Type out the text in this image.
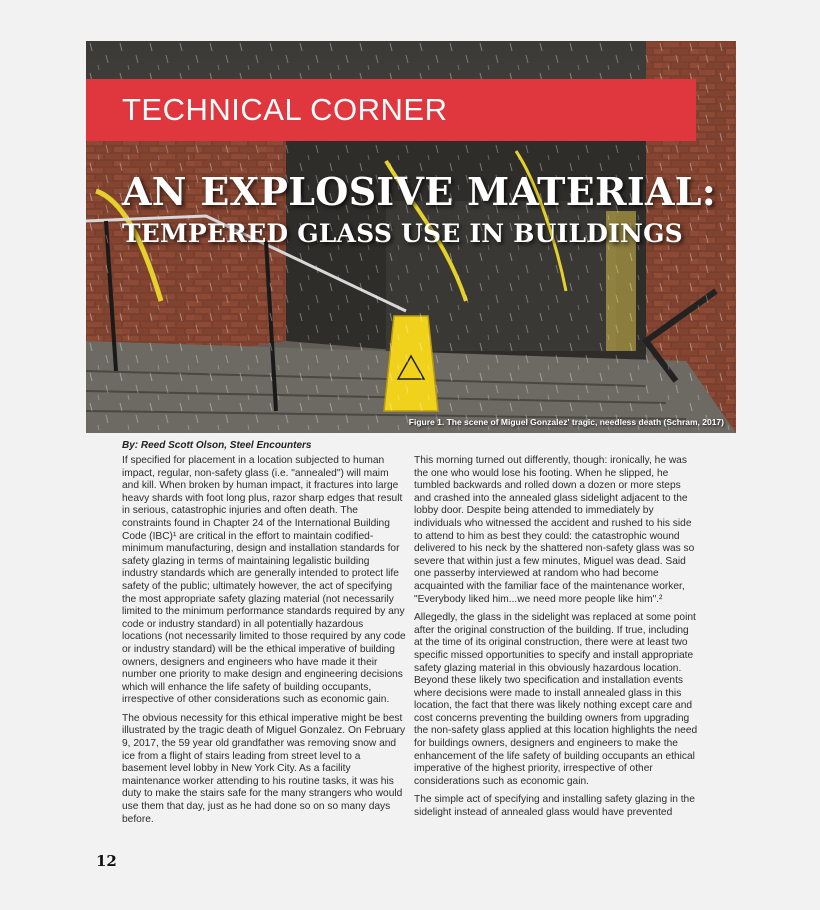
TECHNICAL CORNER
AN EXPLOSIVE MATERIAL:
TEMPERED GLASS USE IN BUILDINGS
Figure 1. The scene of Miguel Gonzalez' tragic, needless death (Schram, 2017)
By: Reed Scott Olson, Steel Encounters

If specified for placement in a location subjected to human impact, regular, non-safety glass (i.e. "annealed") will maim and kill. When broken by human impact, it fractures into large heavy shards with foot long plus, razor sharp edges that result in serious, catastrophic injuries and often death. The constraints found in Chapter 24 of the International Building Code (IBC)¹ are critical in the effort to maintain codified-minimum manufacturing, design and installation standards for safety glazing in terms of maintaining legalistic building industry standards which are generally intended to protect life safety of the public; ultimately however, the act of specifying the most appropriate safety glazing material (not necessarily limited to the minimum performance standards required by any code or industry standard) in all potentially hazardous locations (not necessarily limited to those required by any code or industry standard) will be the ethical imperative of building owners, designers and engineers who have made it their number one priority to make design and engineering decisions which will enhance the life safety of building occupants, irrespective of other considerations such as economic gain.

The obvious necessity for this ethical imperative might be best illustrated by the tragic death of Miguel Gonzalez. On February 9, 2017, the 59 year old grandfather was removing snow and ice from a flight of stairs leading from street level to a basement level lobby in New York City. As a facility maintenance worker attending to his routine tasks, it was his duty to make the stairs safe for the many strangers who would use them that day, just as he had done so on so many days before.

This morning turned out differently, though: ironically, he was the one who would lose his footing. When he slipped, he tumbled backwards and rolled down a dozen or more steps and crashed into the annealed glass sidelight adjacent to the lobby door. Despite being attended to immediately by individuals who witnessed the accident and rushed to his side to attend to him as best they could: the catastrophic wound delivered to his neck by the shattered non-safety glass was so severe that within just a few minutes, Miguel was dead. Said one passerby interviewed at random who had become acquainted with the familiar face of the maintenance worker, "Everybody liked him...we need more people like him".²

Allegedly, the glass in the sidelight was replaced at some point after the original construction of the building. If true, including at the time of its original construction, there were at least two specific missed opportunities to specify and install appropriate safety glazing material in this obviously hazardous location. Beyond these likely two specification and installation events where decisions were made to install annealed glass in this location, the fact that there was likely nothing except care and cost concerns preventing the building owners from upgrading the non-safety glass applied at this location highlights the need for buildings owners, designers and engineers to make the enhancement of the life safety of building occupants an ethical imperative of the highest priority, irrespective of other considerations such as economic gain.

The simple act of specifying and installing safety glazing in the sidelight instead of annealed glass would have prevented

12
